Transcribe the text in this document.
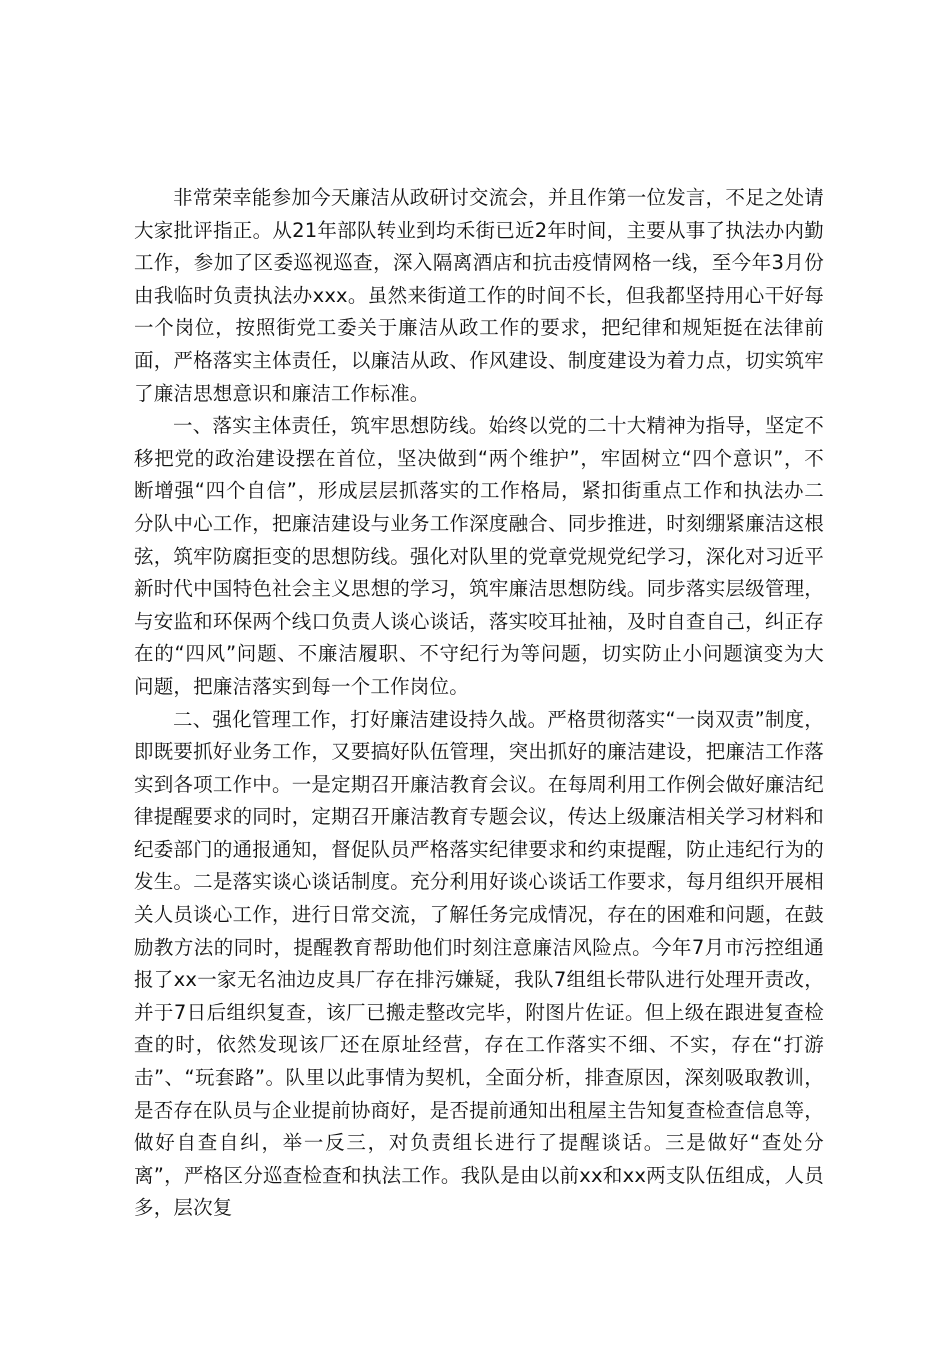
非常荣幸能参加今天廉洁从政研讨交流会，并且作第一位发言，不足之处请大家批评指正。从21年部队转业到均禾街已近2年时间，主要从事了执法办内勤工作，参加了区委巡视巡查，深入隔离酒店和抗击疫情网格一线，至今年3月份由我临时负责执法办xxx。虽然来街道工作的时间不长，但我都坚持用心干好每一个岗位，按照街党工委关于廉洁从政工作的要求，把纪律和规矩挺在法律前面，严格落实主体责任，以廉洁从政、作风建设、制度建设为着力点，切实筑牢了廉洁思想意识和廉洁工作标准。

一、落实主体责任，筑牢思想防线。始终以党的二十大精神为指导，坚定不移把党的政治建设摆在首位，坚决做到“两个维护”，牢固树立“四个意识”，不断增强“四个自信”，形成层层抓落实的工作格局，紧扣街重点工作和执法办二分队中心工作，把廉洁建设与业务工作深度融合、同步推进，时刻绷紧廉洁这根弦，筑牢防腐拒变的思想防线。强化对队里的党章党规党纪学习，深化对习近平新时代中国特色社会主义思想的学习，筑牢廉洁思想防线。同步落实层级管理，与安监和环保两个线口负责人谈心谈话，落实咬耳扯袖，及时自查自己，纠正存在的“四风”问题、不廉洁履职、不守纪行为等问题，切实防止小问题演变为大问题，把廉洁落实到每一个工作岗位。

二、强化管理工作，打好廉洁建设持久战。严格贯彻落实“一岗双责”制度，即既要抓好业务工作，又要搞好队伍管理，突出抓好的廉洁建设，把廉洁工作落实到各项工作中。一是定期召开廉洁教育会议。在每周利用工作例会做好廉洁纪律提醒要求的同时，定期召开廉洁教育专题会议，传达上级廉洁相关学习材料和纪委部门的通报通知，督促队员严格落实纪律要求和约束提醒，防止违纪行为的发生。二是落实谈心谈话制度。充分利用好谈心谈话工作要求，每月组织开展相关人员谈心工作，进行日常交流，了解任务完成情况，存在的困难和问题，在鼓励教方法的同时，提醒教育帮助他们时刻注意廉洁风险点。今年7月市污控组通报了xx一家无名油边皮具厂存在排污嫌疑，我队7组组长带队进行处理开责改，并于7日后组织复查，该厂已搬走整改完毕，附图片佐证。但上级在跟进复查检查的时，依然发现该厂还在原址经营，存在工作落实不细、不实，存在“打游击”、“玩套路”。队里以此事情为契机，全面分析，排查原因，深刻吸取教训，是否存在队员与企业提前协商好，是否提前通知出租屋主告知复查检查信息等，做好自查自纠，举一反三，对负责组长进行了提醒谈话。三是做好“查处分离”，严格区分巡查检查和执法工作。我队是由以前xx和xx两支队伍组成，人员多，层次复
